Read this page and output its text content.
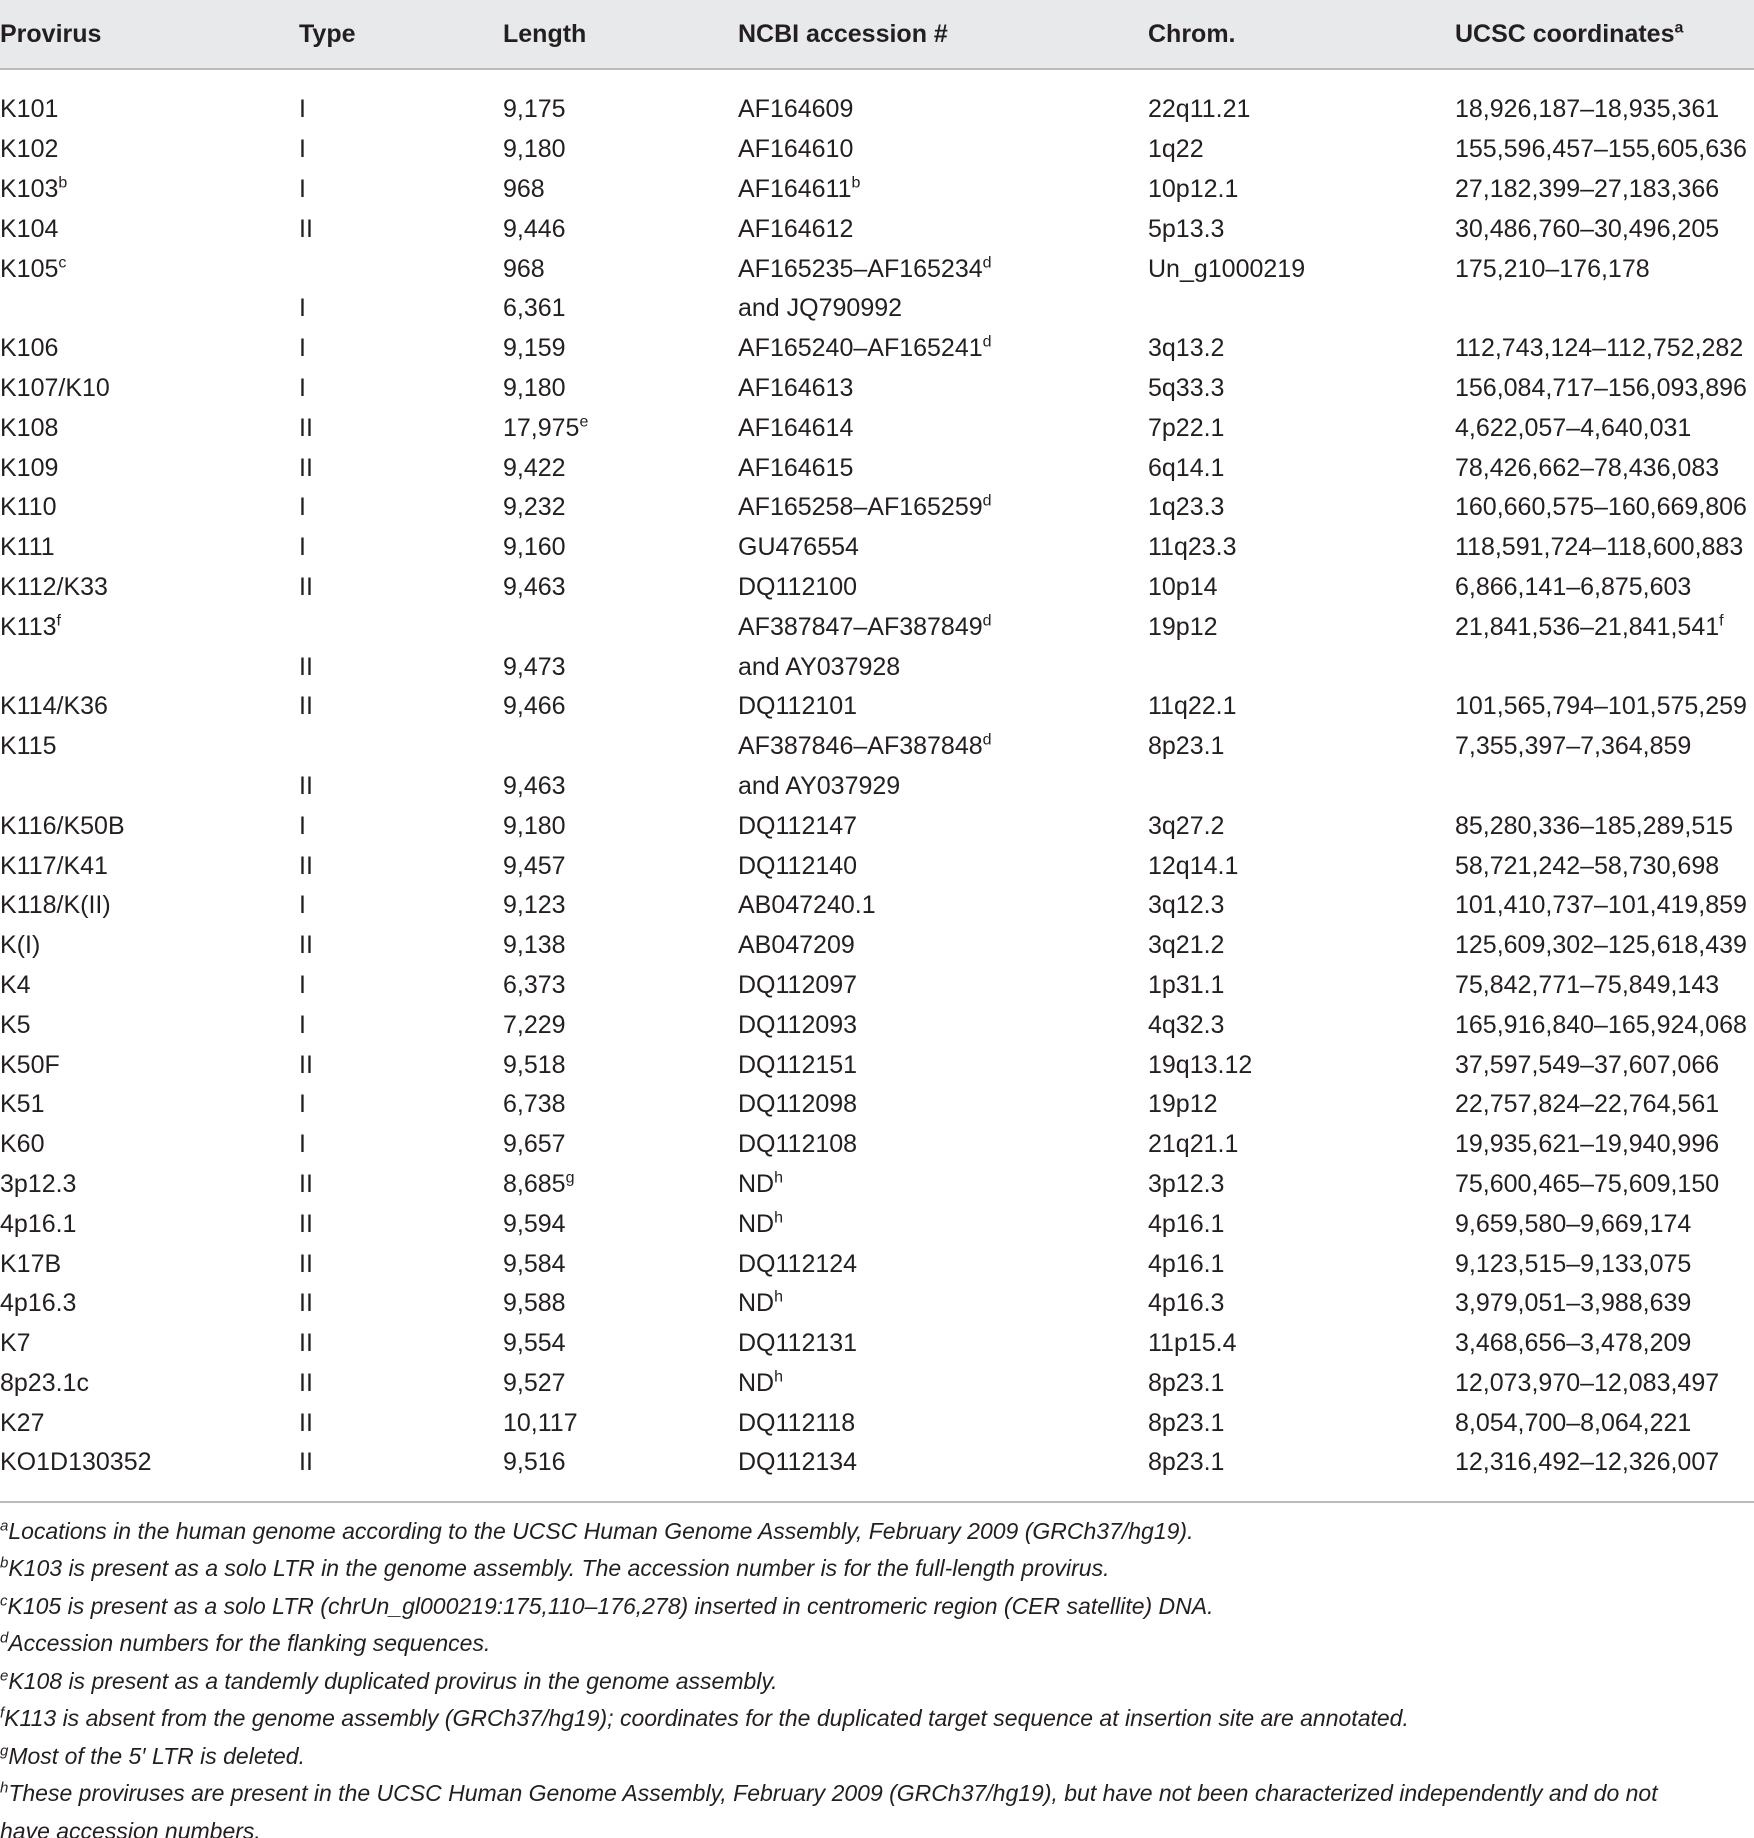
Provirus	Type	Length	NCBI accession #	Chrom.	UCSC coordinates$^a$
K101	I	9,175	AF164609	22q11.21	18,926,187–18,935,361
K102	I	9,180	AF164610	1q22	155,596,457–155,605,636
K103$^b$	I	968	AF164611$^b$	10p12.1	27,182,399–27,183,366
K104	II	9,446	AF164612	5p13.3	30,486,760–30,496,205
K105$^c$		968	AF165235–AF165234$^d$	Un_g1000219	175,210–176,178
	I	6,361	and JQ790992		
K106	I	9,159	AF165240–AF165241$^d$	3q13.2	112,743,124–112,752,282
K107/K10	I	9,180	AF164613	5q33.3	156,084,717–156,093,896
K108	II	17,975e	AF164614	7p22.1	4,622,057–4,640,031
K109	II	9,422	AF164615	6q14.1	78,426,662–78,436,083
K110	I	9,232	AF165258–AF165259$^d$	1q23.3	160,660,575–160,669,806
K111	I	9,160	GU476554	11q23.3	118,591,724–118,600,883
K112/K33	II	9,463	DQ112100	10p14	6,866,141–6,875,603
K113$^f$			AF387847–AF387849$^d$	19p12	21,841,536–21,841,541$^f$
	II	9,473	and AY037928		
K114/K36	II	9,466	DQ112101	11q22.1	101,565,794–101,575,259
K115			AF387846–AF387848$^d$	8p23.1	7,355,397–7,364,859
	II	9,463	and AY037929		
K116/K50B	I	9,180	DQ112147	3q27.2	85,280,336–185,289,515
K117/K41	II	9,457	DQ112140	12q14.1	58,721,242–58,730,698
K118/K(II)	I	9,123	AB047240.1	3q12.3	101,410,737–101,419,859
K(I)	II	9,138	AB047209	3q21.2	125,609,302–125,618,439
K4	I	6,373	DQ112097	1p31.1	75,842,771–75,849,143
K5	I	7,229	DQ112093	4q32.3	165,916,840–165,924,068
K50F	II	9,518	DQ112151	19q13.12	37,597,549–37,607,066
K51	I	6,738	DQ112098	19p12	22,757,824–22,764,561
K60	I	9,657	DQ112108	21q21.1	19,935,621–19,940,996
3p12.3	II	8,685$^g$	$ND^h$	3p12.3	75,600,465–75,609,150
4p16.1	II	9,594	$ND^h$	4p16.1	9,659,580–9,669,174
K17B	II	9,584	DQ112124	4p16.1	9,123,515–9,133,075
4p16.3	II	9,588	$ND^h$	4p16.3	3,979,051–3,988,639
K7	II	9,554	DQ112131	11p15.4	3,468,656–3,478,209
8p23.1c	II	9,527	$ND^h$	8p23.1	12,073,970–12,083,497
K27	II	10,117	DQ112118	8p23.1	8,054,700–8,064,221
KO1D130352	II	9,516	DQ112134	8p23.1	12,316,492–12,326,007
$^a$Locations in the human genome according to the UCSC Human Genome Assembly, February 2009 (GRCh37/hg19).
$^b$K103 is present as a solo LTR in the genome assembly. The accession number is for the full-length provirus.
$^c$K105 is present as a solo LTR (chrUn_gl000219:175,110–176,278) inserted in centromeric region (CER satellite) DNA.
$^d$Accession numbers for the flanking sequences.
$^e$K108 is present as a tandemly duplicated provirus in the genome assembly.
$^f$K113 is absent from the genome assembly (GRCh37/hg19); coordinates for the duplicated target sequence at insertion site are annotated.
$^g$Most of the 5′ LTR is deleted.
$^h$These proviruses are present in the UCSC Human Genome Assembly, February 2009 (GRCh37/hg19), but have not been characterized independently and do not
have accession numbers.
